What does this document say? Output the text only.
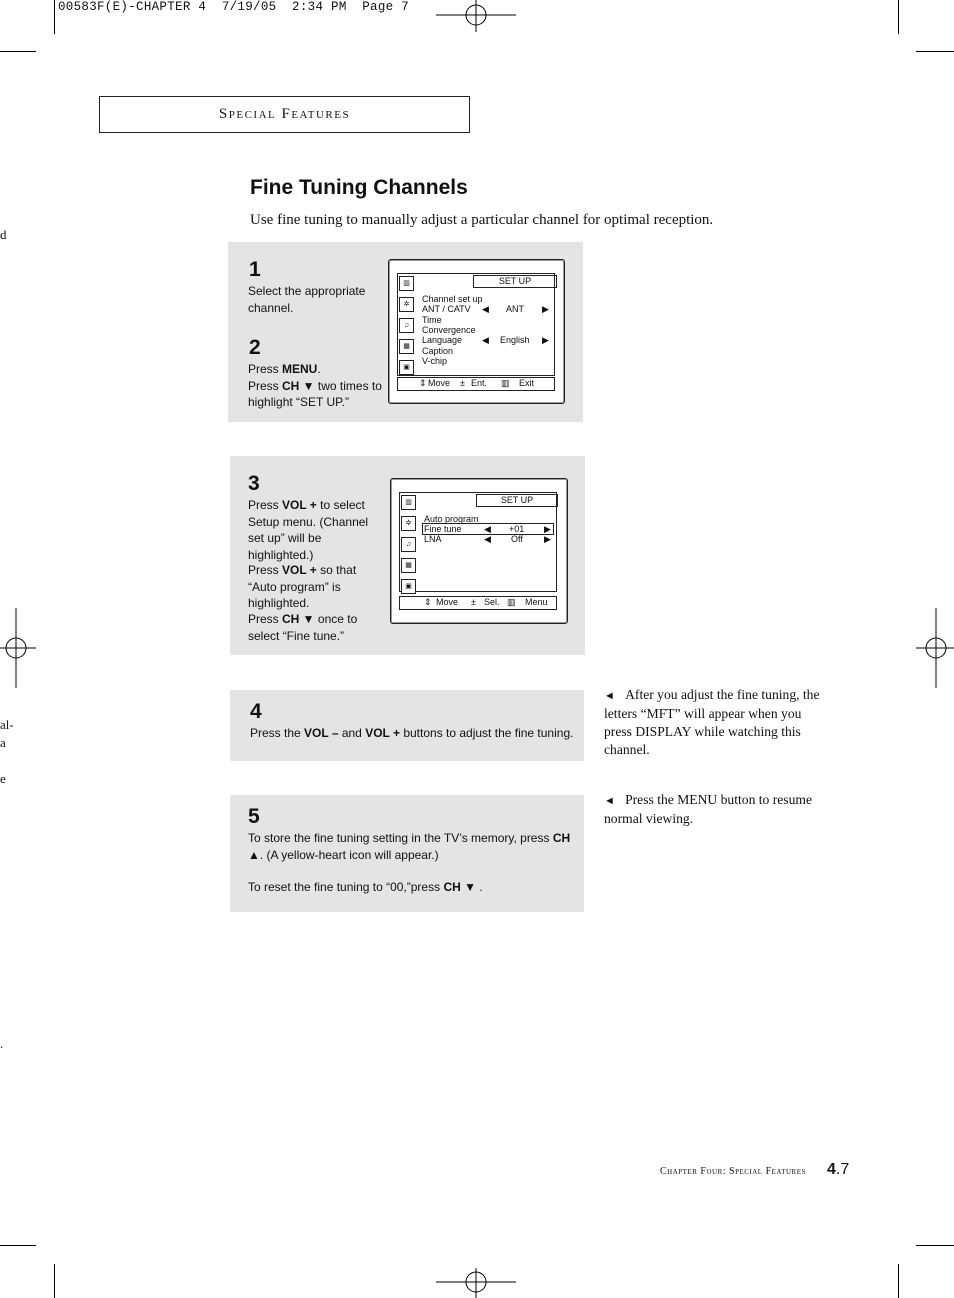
00583F(E)-CHAPTER 4  7/19/05  2:34 PM  Page 7
d
al-
a
e
.
Special Features
Fine Tuning Channels
Use fine tuning to manually adjust a particular channel for optimal reception.
1
Select the appropriate channel.
2
Press MENU.
Press CH ▼ two times to highlight “SET UP.”
▥
✲
♫
▦
▣
SET UP
Channel set up
ANT / CATV
Time
Convergence
Language
Caption
V-chip
◀ ANT ▶
◀ English ▶
⇕ Move ± Ent. ▥ Exit
3
Press VOL + to select Setup menu. (Channel set up” will be highlighted.)
Press VOL + so that “Auto program” is highlighted.
Press CH ▼ once to select “Fine tune.”
▥
✲
♫
▦
▣
SET UP
Auto program
Fine tune
LNA
◀ +01 ▶
◀ Off ▶
⇕ Move ± Sel. ▥ Menu
4
Press the VOL – and VOL + buttons to adjust the fine tuning.
5
To store the fine tuning setting in the TV’s memory, press CH ▲. (A yellow-heart icon will appear.)
To reset the fine tuning to “00,”press CH ▼ .
◄ After you adjust the fine tuning, the letters “MFT” will appear when you press DISPLAY while watching this channel.
◄ Press the MENU button to resume normal viewing.
Chapter Four: Special Features 4.7
